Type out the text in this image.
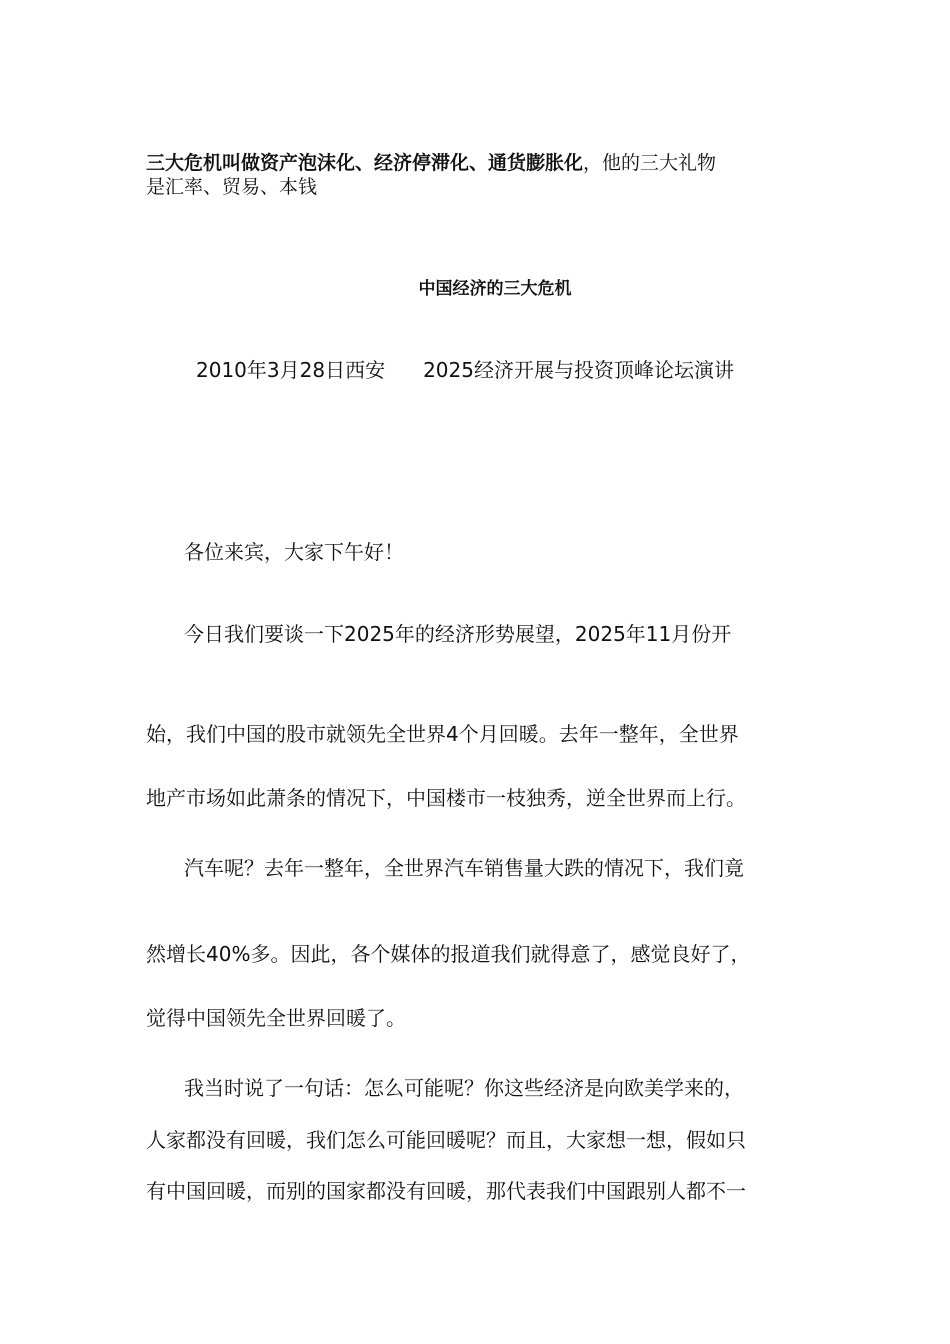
三大危机叫做资产泡沫化、经济停滞化、通货膨胀化，他的三大礼物
是汇率、贸易、本钱
中国经济的三大危机
2010年3月28日西安 2025经济开展与投资顶峰论坛演讲
各位来宾，大家下午好！
今日我们要谈一下2025年的经济形势展望，2025年11月份开
始，我们中国的股市就领先全世界4个月回暖。去年一整年，全世界
地产市场如此萧条的情况下，中国楼市一枝独秀，逆全世界而上行。
汽车呢？去年一整年，全世界汽车销售量大跌的情况下，我们竟
然增长40%多。因此，各个媒体的报道我们就得意了，感觉良好了，
觉得中国领先全世界回暖了。
我当时说了一句话：怎么可能呢？你这些经济是向欧美学来的，
人家都没有回暖，我们怎么可能回暖呢？而且，大家想一想，假如只
有中国回暖，而别的国家都没有回暖，那代表我们中国跟别人都不一
